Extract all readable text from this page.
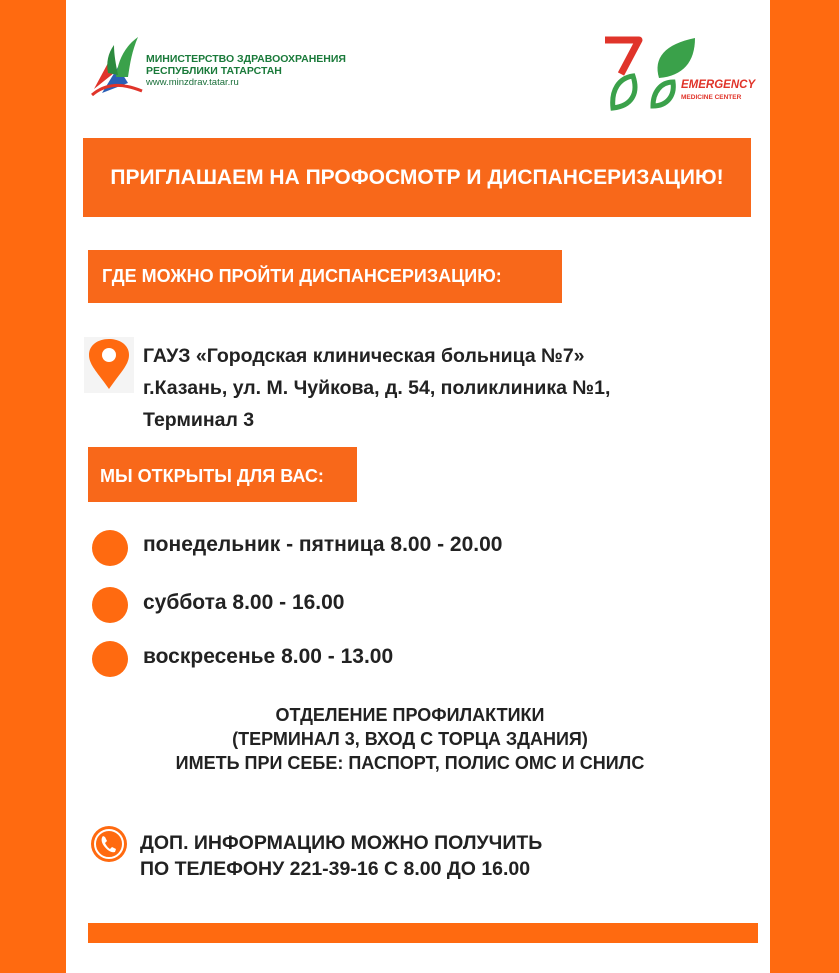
МИНИСТЕРСТВО ЗДРАВООХРАНЕНИЯ
РЕСПУБЛИКИ ТАТАРСТАН
www.minzdrav.tatar.ru	EMERGENCY
MEDICINE CENTER
ПРИГЛАШАЕМ НА ПРОФОСМОТР И ДИСПАНСЕРИЗАЦИЮ!
ГДЕ МОЖНО ПРОЙТИ ДИСПАНСЕРИЗАЦИЮ:
ГАУЗ «Городская клиническая больница №7»
г.Казань, ул. М. Чуйкова, д. 54, поликлиника №1,
Терминал 3
МЫ ОТКРЫТЫ ДЛЯ ВАС:
понедельник - пятница 8.00 - 20.00
суббота 8.00 - 16.00
воскресенье 8.00 - 13.00
ОТДЕЛЕНИЕ ПРОФИЛАКТИКИ
(ТЕРМИНАЛ 3, ВХОД С ТОРЦА ЗДАНИЯ)
ИМЕТЬ ПРИ СЕБЕ: ПАСПОРТ, ПОЛИС ОМС И СНИЛС
ДОП. ИНФОРМАЦИЮ МОЖНО ПОЛУЧИТЬ
ПО ТЕЛЕФОНУ 221-39-16 С 8.00 ДО 16.00
